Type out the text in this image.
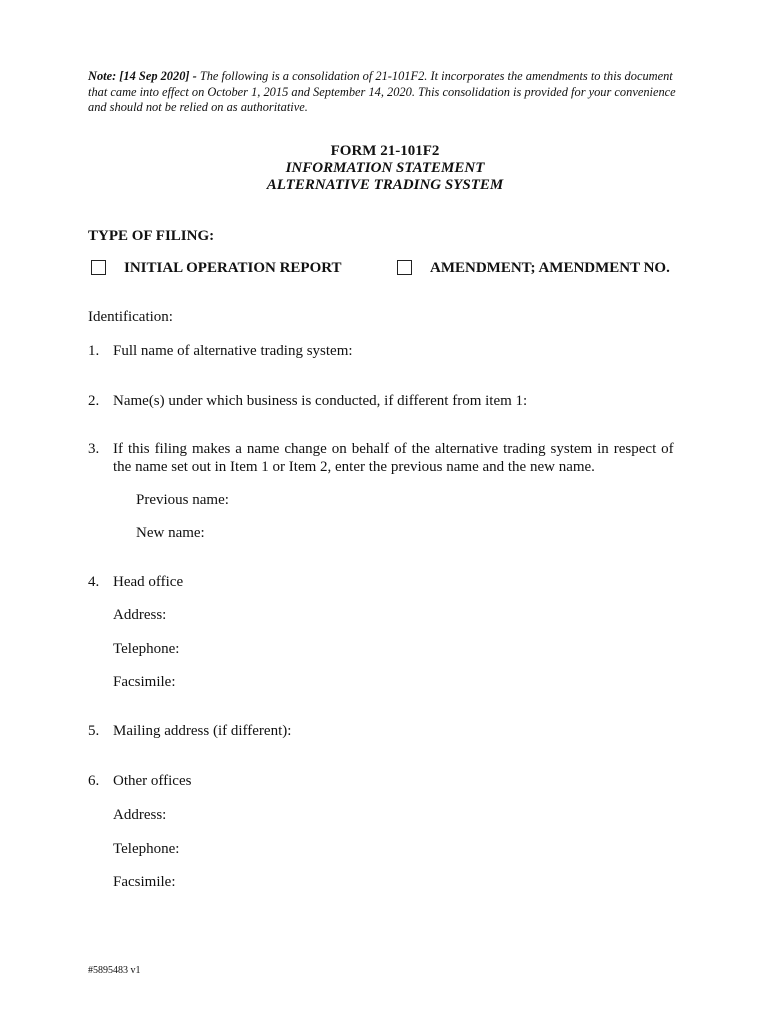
Note: [14 Sep 2020] - The following is a consolidation of 21-101F2. It incorporates the amendments to this document that came into effect on October 1, 2015 and September 14, 2020. This consolidation is provided for your convenience and should not be relied on as authoritative.
FORM 21-101F2
INFORMATION STATEMENT
ALTERNATIVE TRADING SYSTEM
TYPE OF FILING:
INITIAL OPERATION REPORT	AMENDMENT; AMENDMENT NO.
Identification:
1. Full name of alternative trading system:
2. Name(s) under which business is conducted, if different from item 1:
3. If this filing makes a name change on behalf of the alternative trading system in respect of
the name set out in Item 1 or Item 2, enter the previous name and the new name.
Previous name:
New name:
4. Head office
Address:
Telephone:
Facsimile:
5. Mailing address (if different):
6. Other offices
Address:
Telephone:
Facsimile:
#5895483 v1
